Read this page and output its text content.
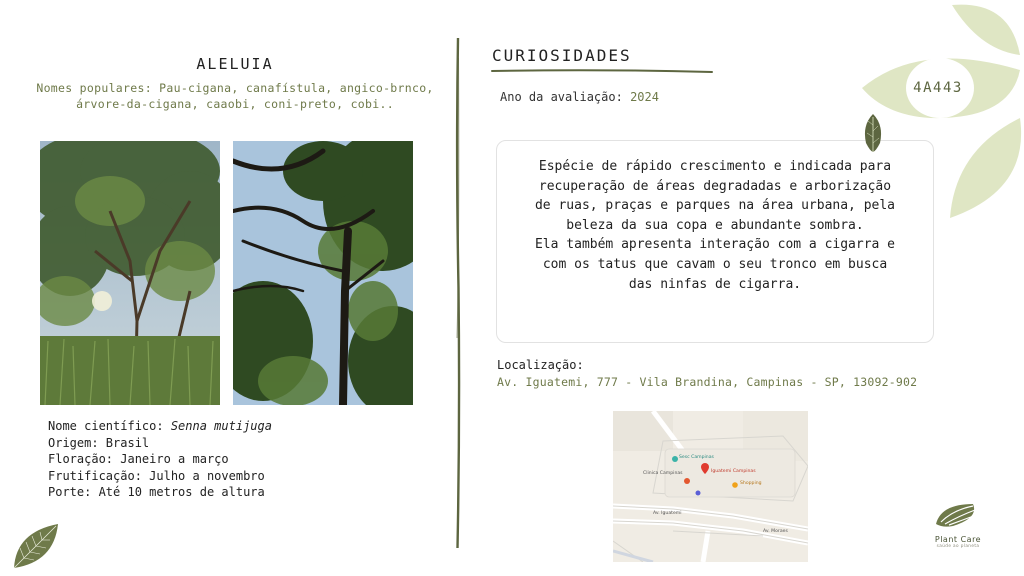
ALELUIA
Nomes populares: Pau-cigana, canafístula, angico-brnco,
árvore-da-cigana, caaobi, coni-preto, cobi..
Nome científico: Senna mutijuga
Origem: Brasil
Floração: Janeiro a março
Frutificação: Julho a novembro
Porte: Até 10 metros de altura
CURIOSIDADES
Ano da avaliação: 2024

Espécie de rápido crescimento e indicada para

recuperação de áreas degradadas e arborização

de ruas, praças e parques na área urbana, pela

beleza da sua copa e abundante sombra.

Ela também apresenta interação com a cigarra e

com os tatus que cavam o seu tronco em busca

das ninfas de cigarra.

Localização:
Av. Iguatemi, 777 - Vila Brandina, Campinas - SP, 13092-902
Sesc Campinas
Clinica Campinas	Iguatemi Campinas
Shopping
Av. Iguatemi
Av. Moraes
4A443
Plant Care
saúde ao planeta
